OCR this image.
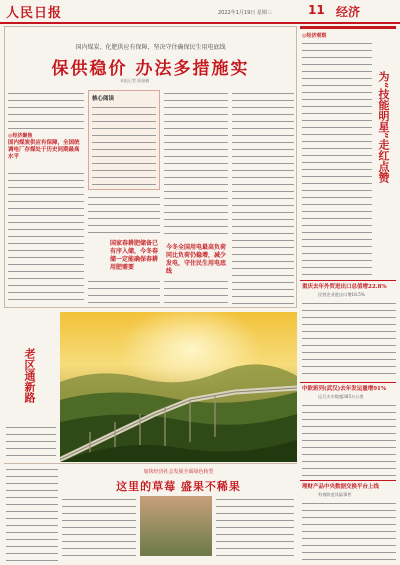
人民日报	2022年1月19日 星期三	11 经济
国内煤炭、化肥供应有保障，坚决守住确保民生用电底线
保供稳价 办法多措施实
本报记者 陆娅楠
◎经济聚焦
国内煤炭供应有保障，全国统调电厂存煤处于历史同期最高水平
核心阅读
国家春耕肥储备已有序入储，今冬春储一定能确保春耕用肥需要
今冬全国用电最高负荷同比负荷仍稳增，减少发电，守住民生用电底线
◎经济观察
为“技能明星”走红点赞
重庆去年外贸进出口总值增22.8%
民营企业进出口增18.5%
中欧班列(武汉)去年发运量增91%
运行火车数超385万公里
理财产品中央数据交换平台上线
有效防范风险事件
老区通新路
加快经济社会发展全面绿色转型
这里的草莓 盛果不稀果
